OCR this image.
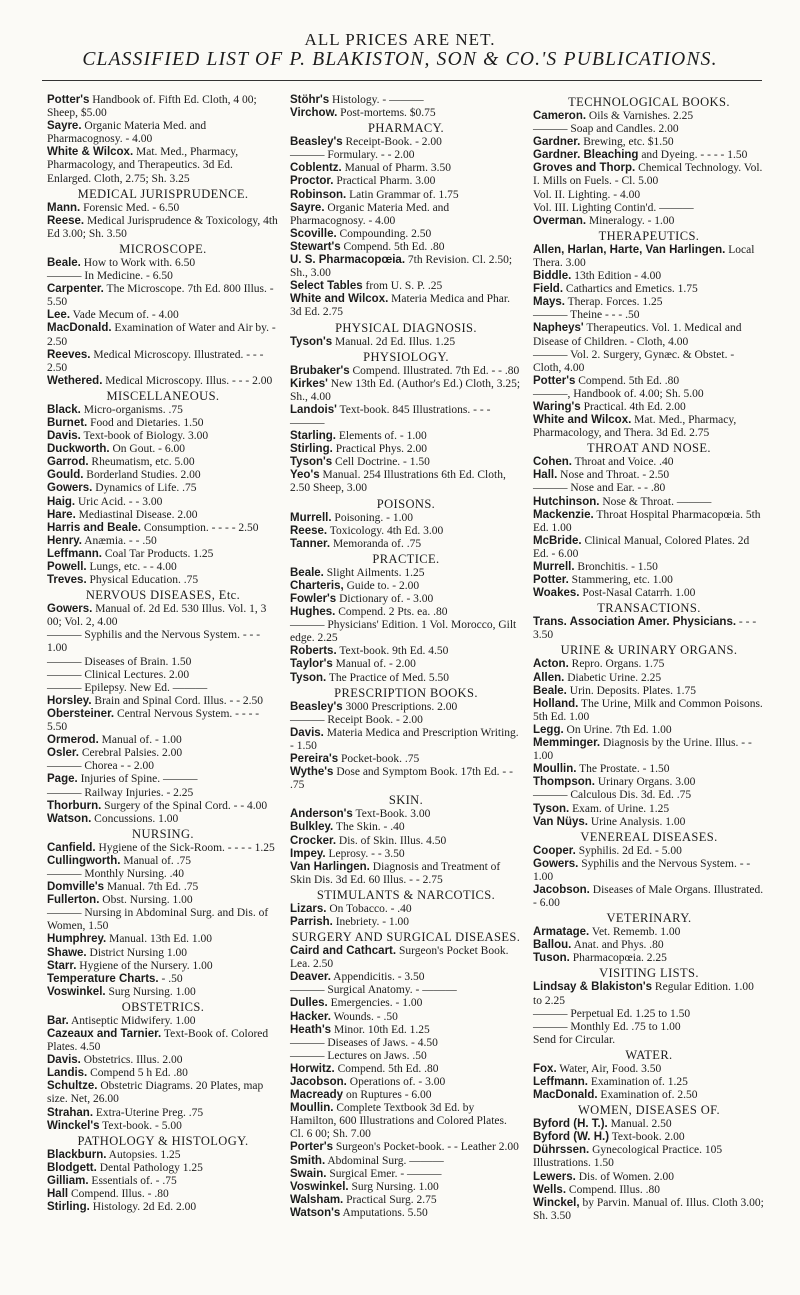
ALL PRICES ARE NET.
CLASSIFIED LIST OF P. BLAKISTON, SON & CO.'S PUBLICATIONS.
Potter's Handbook of. Fifth Ed. Cloth, 4 00; Sheep, $5.00
Sayre. Organic Materia Med. and Pharmacognosy. - 4.00
White & Wilcox. Mat. Med., Pharmacy, Pharmacology, and Therapeutics. 3d Ed. Enlarged. Cloth, 2.75; Sh. 3.25
MEDICAL JURISPRUDENCE.
Mann. Forensic Med. - 6.50
Reese. Medical Jurisprudence & Toxicology, 4th Ed 3.00; Sh. 3.50
MICROSCOPE.
Beale. How to Work with. 6.50
——— In Medicine. - 6.50
Carpenter. The Microscope. 7th Ed. 800 Illus. - 5.50
Lee. Vade Mecum of. - 4.00
MacDonald. Examination of Water and Air by. - 2.50
Reeves. Medical Microscopy. Illustrated. - - - 2.50
Wethered. Medical Microscopy. Illus. - - - 2.00
MISCELLANEOUS.
Black. Micro-organisms. .75
Burnet. Food and Dietaries. 1.50
Davis. Text-book of Biology. 3.00
Duckworth. On Gout. - 6.00
Garrod. Rheumatism, etc. 5.00
Gould. Borderland Studies. 2.00
Gowers. Dynamics of Life. .75
Haig. Uric Acid. - - 3.00
Hare. Mediastinal Disease. 2.00
Harris and Beale. Consumption. - - - - 2.50
Henry. Anæmia. - - .50
Leffmann. Coal Tar Products. 1.25
Powell. Lungs, etc. - - 4.00
Treves. Physical Education. .75
NERVOUS DISEASES, Etc.
Gowers. Manual of. 2d Ed. 530 Illus. Vol. 1, 3 00; Vol. 2, 4.00
——— Syphilis and the Nervous System. - - - 1.00
——— Diseases of Brain. 1.50
——— Clinical Lectures. 2.00
——— Epilepsy. New Ed. ———
Horsley. Brain and Spinal Cord. Illus. - - 2.50
Obersteiner. Central Nervous System. - - - - 5.50
Ormerod. Manual of. - 1.00
Osler. Cerebral Palsies. 2.00
——— Chorea - - 2.00
Page. Injuries of Spine. ———
——— Railway Injuries. - 2.25
Thorburn. Surgery of the Spinal Cord. - - 4.00
Watson. Concussions. 1.00
NURSING.
Canfield. Hygiene of the Sick-Room. - - - - 1.25
Cullingworth. Manual of. .75
——— Monthly Nursing. .40
Domville's Manual. 7th Ed. .75
Fullerton. Obst. Nursing. 1.00
——— Nursing in Abdominal Surg. and Dis. of Women, 1.50
Humphrey. Manual. 13th Ed. 1.00
Shawe. District Nursing 1.00
Starr. Hygiene of the Nursery. 1.00
Temperature Charts. - .50
Voswinkel. Surg Nursing. 1.00
OBSTETRICS.
Bar. Antiseptic Midwifery. 1.00
Cazeaux and Tarnier. Text-Book of. Colored Plates. 4.50
Davis. Obstetrics. Illus. 2.00
Landis. Compend 5 h Ed. .80
Schultze. Obstetric Diagrams. 20 Plates, map size. Net, 26.00
Strahan. Extra-Uterine Preg. .75
Winckel's Text-book. - 5.00
PATHOLOGY & HISTOLOGY.
Blackburn. Autopsies. 1.25
Blodgett. Dental Pathology 1.25
Gilliam. Essentials of. - .75
Hall Compend. Illus. - .80
Stirling. Histology. 2d Ed. 2.00
Stöhr's Histology. - ———
Virchow. Post-mortems. $0.75
PHARMACY.
Beasley's Receipt-Book. - 2.00
——— Formulary. - - 2.00
Coblentz. Manual of Pharm. 3.50
Proctor. Practical Pharm. 3.00
Robinson. Latin Grammar of. 1.75
Sayre. Organic Materia Med. and Pharmacognosy. - 4.00
Scoville. Compounding. 2.50
Stewart's Compend. 5th Ed. .80
U. S. Pharmacopœia. 7th Revision. Cl. 2.50; Sh., 3.00
Select Tables from U. S. P. .25
White and Wilcox. Materia Medica and Phar. 3d Ed. 2.75
PHYSICAL DIAGNOSIS.
Tyson's Manual. 2d Ed. Illus. 1.25
PHYSIOLOGY.
Brubaker's Compend. Illustrated. 7th Ed. - - .80
Kirkes' New 13th Ed. (Author's Ed.) Cloth, 3.25; Sh., 4.00
Landois' Text-book. 845 Illustrations. - - - ———
Starling. Elements of. - 1.00
Stirling. Practical Phys. 2.00
Tyson's Cell Doctrine. - 1.50
Yeo's Manual. 254 Illustrations 6th Ed. Cloth, 2.50 Sheep, 3.00
POISONS.
Murrell. Poisoning. - 1.00
Reese. Toxicology. 4th Ed. 3.00
Tanner. Memoranda of. .75
PRACTICE.
Beale. Slight Ailments. 1.25
Charteris, Guide to. - 2.00
Fowler's Dictionary of. - 3.00
Hughes. Compend. 2 Pts. ea. .80
——— Physicians' Edition. 1 Vol. Morocco, Gilt edge. 2.25
Roberts. Text-book. 9th Ed. 4.50
Taylor's Manual of. - 2.00
Tyson. The Practice of Med. 5.50
PRESCRIPTION BOOKS.
Beasley's 3000 Prescriptions. 2.00
——— Receipt Book. - 2.00
Davis. Materia Medica and Prescription Writing. - 1.50
Pereira's Pocket-book. .75
Wythe's Dose and Symptom Book. 17th Ed. - - .75
SKIN.
Anderson's Text-Book. 3.00
Bulkley. The Skin. - .40
Crocker. Dis. of Skin. Illus. 4.50
Impey. Leprosy. - - 3.50
Van Harlingen. Diagnosis and Treatment of Skin Dis. 3d Ed. 60 Illus. - - 2.75
STIMULANTS & NARCOTICS.
Lizars. On Tobacco. - .40
Parrish. Inebriety. - 1.00
SURGERY AND SURGICAL DISEASES.
Caird and Cathcart. Surgeon's Pocket Book. Lea. 2.50
Deaver. Appendicitis. - 3.50
——— Surgical Anatomy. - ———
Dulles. Emergencies. - 1.00
Hacker. Wounds. - .50
Heath's Minor. 10th Ed. 1.25
——— Diseases of Jaws. - 4.50
——— Lectures on Jaws. .50
Horwitz. Compend. 5th Ed. .80
Jacobson. Operations of. - 3.00
Macready on Ruptures - 6.00
Moullin. Complete Textbook 3d Ed. by Hamilton, 600 Illustrations and Colored Plates. Cl. 6 00; Sh. 7.00
Porter's Surgeon's Pocket-book. - - Leather 2.00
Smith. Abdominal Surg. ———
Swain. Surgical Emer. - ———
Voswinkel. Surg Nursing. 1.00
Walsham. Practical Surg. 2.75
Watson's Amputations. 5.50
TECHNOLOGICAL BOOKS.
Cameron. Oils & Varnishes. 2.25
——— Soap and Candles. 2.00
Gardner. Brewing, etc. $1.50
Gardner. Bleaching and Dyeing. - - - - 1.50
Groves and Thorp. Chemical Technology. Vol. I. Mills on Fuels. - Cl. 5.00
Vol. II. Lighting. - 4.00
Vol. III. Lighting Contin'd. ———
Overman. Mineralogy. - 1.00
THERAPEUTICS.
Allen, Harlan, Harte, Van Harlingen. Local Thera. 3.00
Biddle. 13th Edition - 4.00
Field. Cathartics and Emetics. 1.75
Mays. Therap. Forces. 1.25
——— Theine - - - .50
Napheys' Therapeutics. Vol. 1. Medical and Disease of Children. - Cloth, 4.00
——— Vol. 2. Surgery, Gynæc. & Obstet. - Cloth, 4.00
Potter's Compend. 5th Ed. .80
———, Handbook of. 4.00; Sh. 5.00
Waring's Practical. 4th Ed. 2.00
White and Wilcox. Mat. Med., Pharmacy, Pharmacology, and Thera. 3d Ed. 2.75
THROAT AND NOSE.
Cohen. Throat and Voice. .40
Hall. Nose and Throat. - 2.50
——— Nose and Ear. - - .80
Hutchinson. Nose & Throat. ———
Mackenzie. Throat Hospital Pharmacopœia. 5th Ed. 1.00
McBride. Clinical Manual, Colored Plates. 2d Ed. - 6.00
Murrell. Bronchitis. - 1.50
Potter. Stammering, etc. 1.00
Woakes. Post-Nasal Catarrh. 1.00
TRANSACTIONS.
Trans. Association Amer. Physicians. - - - 3.50
URINE & URINARY ORGANS.
Acton. Repro. Organs. 1.75
Allen. Diabetic Urine. 2.25
Beale. Urin. Deposits. Plates. 1.75
Holland. The Urine, Milk and Common Poisons. 5th Ed. 1.00
Legg. On Urine. 7th Ed. 1.00
Memminger. Diagnosis by the Urine. Illus. - - 1.00
Moullin. The Prostate. - 1.50
Thompson. Urinary Organs. 3.00
——— Calculous Dis. 3d. Ed. .75
Tyson. Exam. of Urine. 1.25
Van Nüys. Urine Analysis. 1.00
VENEREAL DISEASES.
Cooper. Syphilis. 2d Ed. - 5.00
Gowers. Syphilis and the Nervous System. - - 1.00
Jacobson. Diseases of Male Organs. Illustrated. - 6.00
VETERINARY.
Armatage. Vet. Rememb. 1.00
Ballou. Anat. and Phys. .80
Tuson. Pharmacopœia. 2.25
VISITING LISTS.
Lindsay & Blakiston's Regular Edition. 1.00 to 2.25
——— Perpetual Ed. 1.25 to 1.50
——— Monthly Ed. .75 to 1.00
Send for Circular.
WATER.
Fox. Water, Air, Food. 3.50
Leffmann. Examination of. 1.25
MacDonald. Examination of. 2.50
WOMEN, DISEASES OF.
Byford (H. T.). Manual. 2.50
Byford (W. H.) Text-book. 2.00
Dührssen. Gynecological Practice. 105 Illustrations. 1.50
Lewers. Dis. of Women. 2.00
Wells. Compend. Illus. .80
Winckel, by Parvin. Manual of. Illus. Cloth 3.00; Sh. 3.50
